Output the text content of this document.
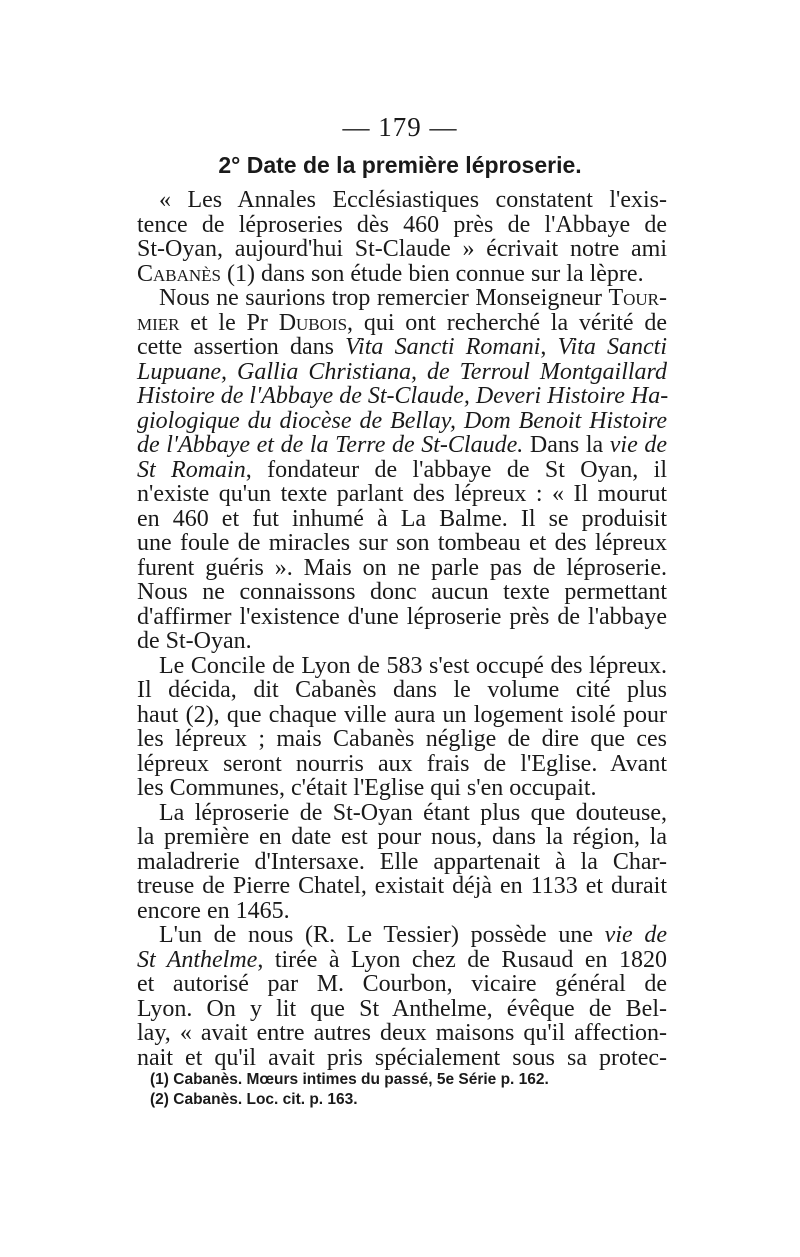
— 179 —
2° Date de la première léproserie.
« Les Annales Ecclésiastiques constatent l'exis-
tence de léproseries dès 460 près de l'Abbaye de
St-Oyan, aujourd'hui St-Claude » écrivait notre ami
Cabanès (1) dans son étude bien connue sur la lèpre.
Nous ne saurions trop remercier Monseigneur Tour-
mier et le Pr Dubois, qui ont recherché la vérité de
cette assertion dans Vita Sancti Romani, Vita Sancti
Lupuane, Gallia Christiana, de Terroul Montgaillard
Histoire de l'Abbaye de St-Claude, Deveri Histoire Ha-
giologique du diocèse de Bellay, Dom Benoit Histoire
de l'Abbaye et de la Terre de St-Claude. Dans la vie de
St Romain, fondateur de l'abbaye de St Oyan, il
n'existe qu'un texte parlant des lépreux : « Il mourut
en 460 et fut inhumé à La Balme. Il se produisit
une foule de miracles sur son tombeau et des lépreux
furent guéris ». Mais on ne parle pas de léproserie.
Nous ne connaissons donc aucun texte permettant
d'affirmer l'existence d'une léproserie près de l'abbaye
de St-Oyan.
Le Concile de Lyon de 583 s'est occupé des lépreux.
Il décida, dit Cabanès dans le volume cité plus
haut (2), que chaque ville aura un logement isolé pour
les lépreux ; mais Cabanès néglige de dire que ces
lépreux seront nourris aux frais de l'Eglise. Avant
les Communes, c'était l'Eglise qui s'en occupait.
La léproserie de St-Oyan étant plus que douteuse,
la première en date est pour nous, dans la région, la
maladrerie d'Intersaxe. Elle appartenait à la Char-
treuse de Pierre Chatel, existait déjà en 1133 et durait
encore en 1465.
L'un de nous (R. Le Tessier) possède une vie de
St Anthelme, tirée à Lyon chez de Rusaud en 1820
et autorisé par M. Courbon, vicaire général de
Lyon. On y lit que St Anthelme, évêque de Bel-
lay, « avait entre autres deux maisons qu'il affection-
nait et qu'il avait pris spécialement sous sa protec-
(1) Cabanès. Mœurs intimes du passé, 5e Série p. 162.
(2) Cabanès. Loc. cit. p. 163.
